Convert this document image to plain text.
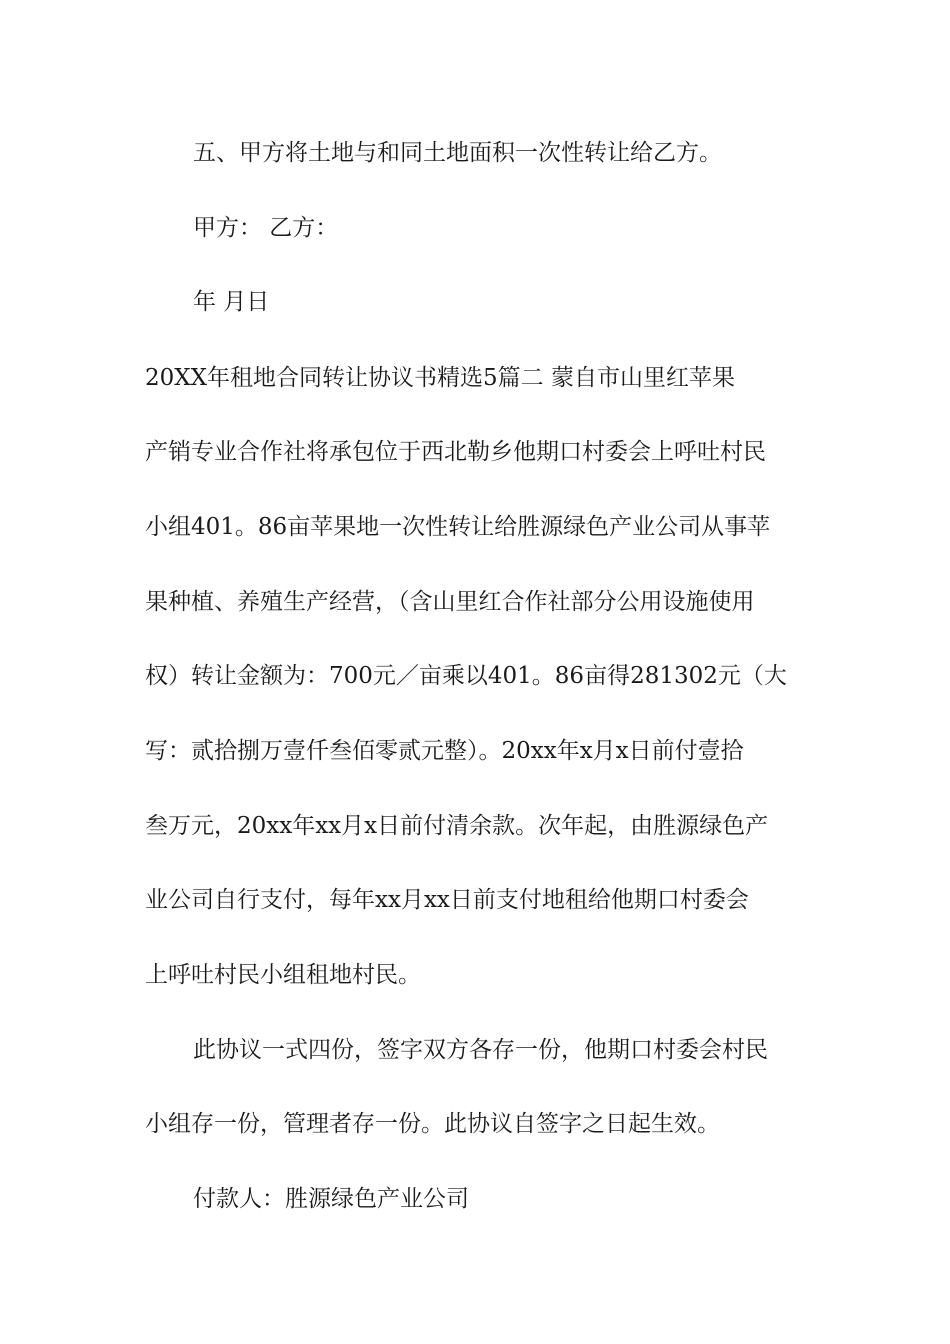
五、甲方将土地与和同土地面积一次性转让给乙方。
甲方： 乙方：
年 月日
20XX年租地合同转让协议书精选5篇二 蒙自市山里红苹果
产销专业合作社将承包位于西北勒乡他期口村委会上呼吐村民
小组401。86亩苹果地一次性转让给胜源绿色产业公司从事苹
果种植、养殖生产经营，（含山里红合作社部分公用设施使用
权）转让金额为：700元／亩乘以401。86亩得281302元（大
写：贰拾捌万壹仟叁佰零贰元整）。20xx年x月x日前付壹拾
叁万元，20xx年xx月x日前付清余款。次年起，由胜源绿色产
业公司自行支付，每年xx月xx日前支付地租给他期口村委会
上呼吐村民小组租地村民。
此协议一式四份，签字双方各存一份，他期口村委会村民
小组存一份，管理者存一份。此协议自签字之日起生效。
付款人：胜源绿色产业公司
